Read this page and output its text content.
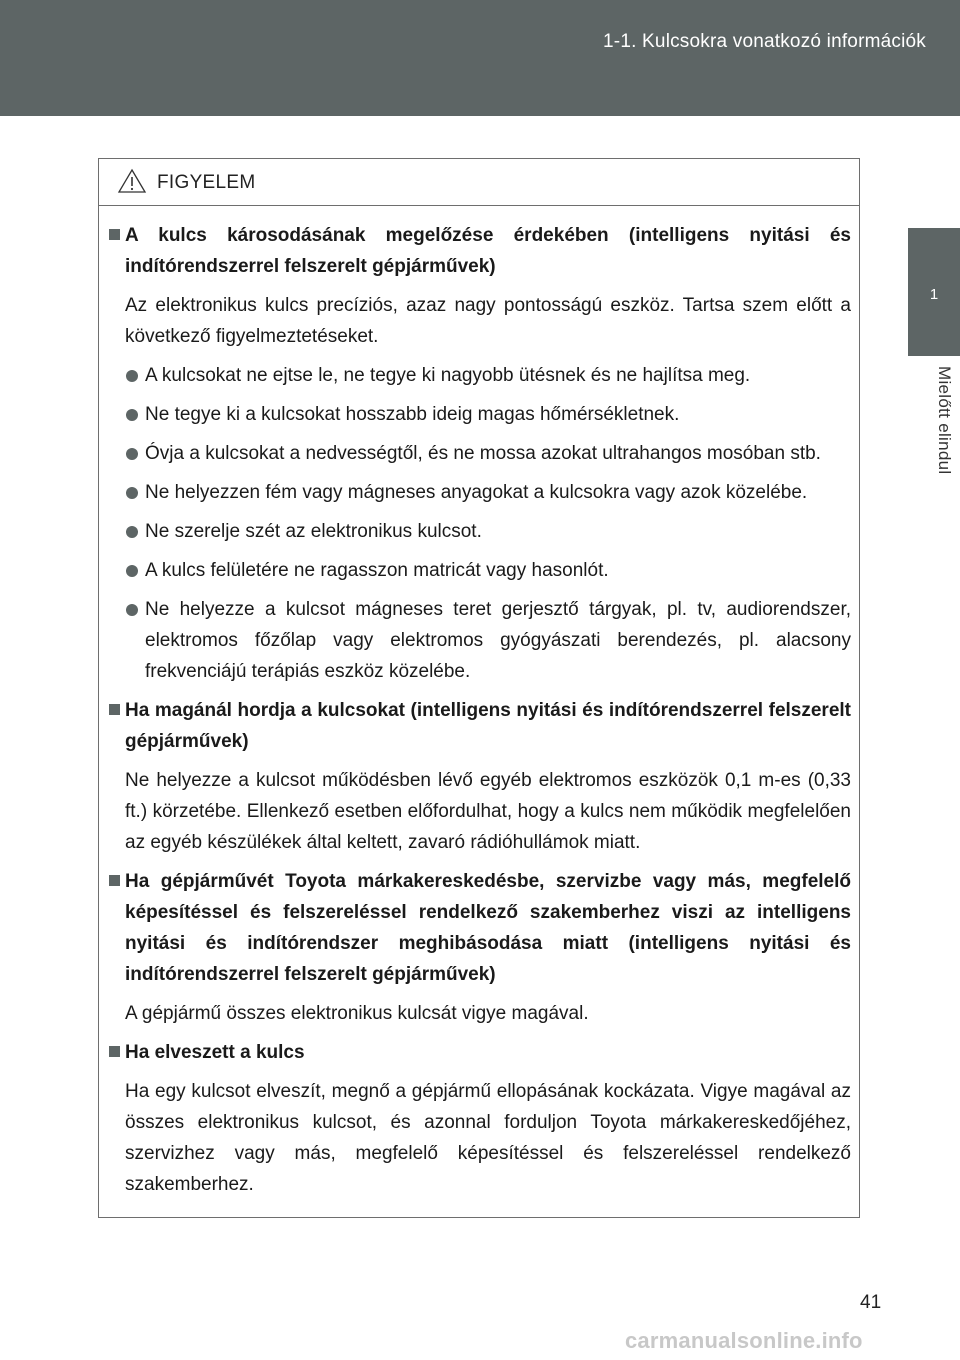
1-1. Kulcsokra vonatkozó információk
1
Mielőtt elindul
FIGYELEM
A kulcs károsodásának megelőzése érdekében (intelligens nyitási és indítórendszerrel felszerelt gépjárművek)
Az elektronikus kulcs precíziós, azaz nagy pontosságú eszköz. Tartsa szem előtt a következő figyelmeztetéseket.
A kulcsokat ne ejtse le, ne tegye ki nagyobb ütésnek és ne hajlítsa meg.
Ne tegye ki a kulcsokat hosszabb ideig magas hőmérsékletnek.
Óvja a kulcsokat a nedvességtől, és ne mossa azokat ultrahangos mosóban stb.
Ne helyezzen fém vagy mágneses anyagokat a kulcsokra vagy azok közelébe.
Ne szerelje szét az elektronikus kulcsot.
A kulcs felületére ne ragasszon matricát vagy hasonlót.
Ne helyezze a kulcsot mágneses teret gerjesztő tárgyak, pl. tv, audiorendszer, elektromos főzőlap vagy elektromos gyógyászati berendezés, pl. alacsony frekvenciájú terápiás eszköz közelébe.
Ha magánál hordja a kulcsokat (intelligens nyitási és indítórendszerrel felszerelt gépjárművek)
Ne helyezze a kulcsot működésben lévő egyéb elektromos eszközök 0,1 m-es (0,33 ft.) körzetébe. Ellenkező esetben előfordulhat, hogy a kulcs nem működik megfelelően az egyéb készülékek által keltett, zavaró rádióhullámok miatt.
Ha gépjárművét Toyota márkakereskedésbe, szervizbe vagy más, megfelelő képesítéssel és felszereléssel rendelkező szakemberhez viszi az intelligens nyitási és indítórendszer meghibásodása miatt (intelligens nyitási és indítórendszerrel felszerelt gépjárművek)
A gépjármű összes elektronikus kulcsát vigye magával.
Ha elveszett a kulcs
Ha egy kulcsot elveszít, megnő a gépjármű ellopásának kockázata. Vigye magával az összes elektronikus kulcsot, és azonnal forduljon Toyota márkakereskedőjéhez, szervizhez vagy más, megfelelő képesítéssel és felszereléssel rendelkező szakemberhez.
41
carmanualsonline.info
